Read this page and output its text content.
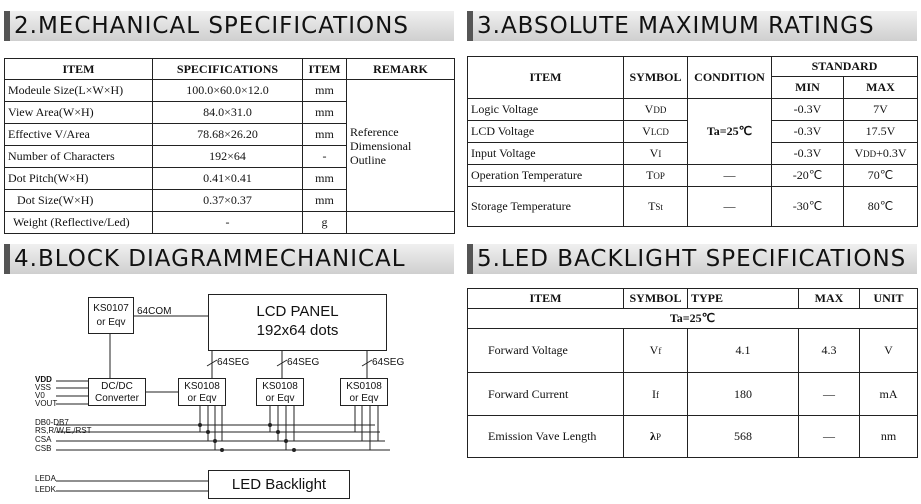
2.MECHANICAL SPECIFICATIONS	3.ABSOLUTE MAXIMUM RATINGS
4.BLOCK DIAGRAMMECHANICAL	5.LED BACKLIGHT SPECIFICATIONS
ITEM	SPECIFICATIONS	ITEM	REMARK
Modeule Size(L×W×H)	100.0×60.0×12.0	mm	Reference
Dimensional
Outline

View Area(W×H)	84.0×31.0	mm	
Effective V/Area	78.68×26.20	mm	
Number of Characters	192×64	-	
Dot Pitch(W×H)	0.41×0.41	mm	
Dot Size(W×H)	0.37×0.37	mm	
Weight (Reflective/Led)	-	g	
ITEM	SYMBOL	CONDITION	STANDARD	
			MIN	MAX
Logic Voltage	VDD	Ta=25℃	-0.3V	7V
LCD Voltage	VLCD		-0.3V	17.5V
Input Voltage	VI		-0.3V	VDD+0.3V
Operation Temperature	TOP	—	-20℃	70℃
Storage Temperature	TSt	—	-30℃	80℃
KS0107
or Eqv
64COM	LCD PANEL
192x64 dots
64SEG	64SEG	64SEG
DC/DC
Converter
KS0108
or Eqv
KS0108
or Eqv
KS0108
or Eqv
VDD
VSS
V0
VOUT
DB0-DB7
RS,R/W,E,/RST
CSA
CSB
LEDA
LEDK	LED Backlight
ITEM	SYMBOL	TYPE	MAX	UNIT
Ta=25℃				
Forward Voltage	Vf	4.1	4.3	V
Forward Current	If	180	—	mA
Emission Vave Length	λP	568	—	nm
